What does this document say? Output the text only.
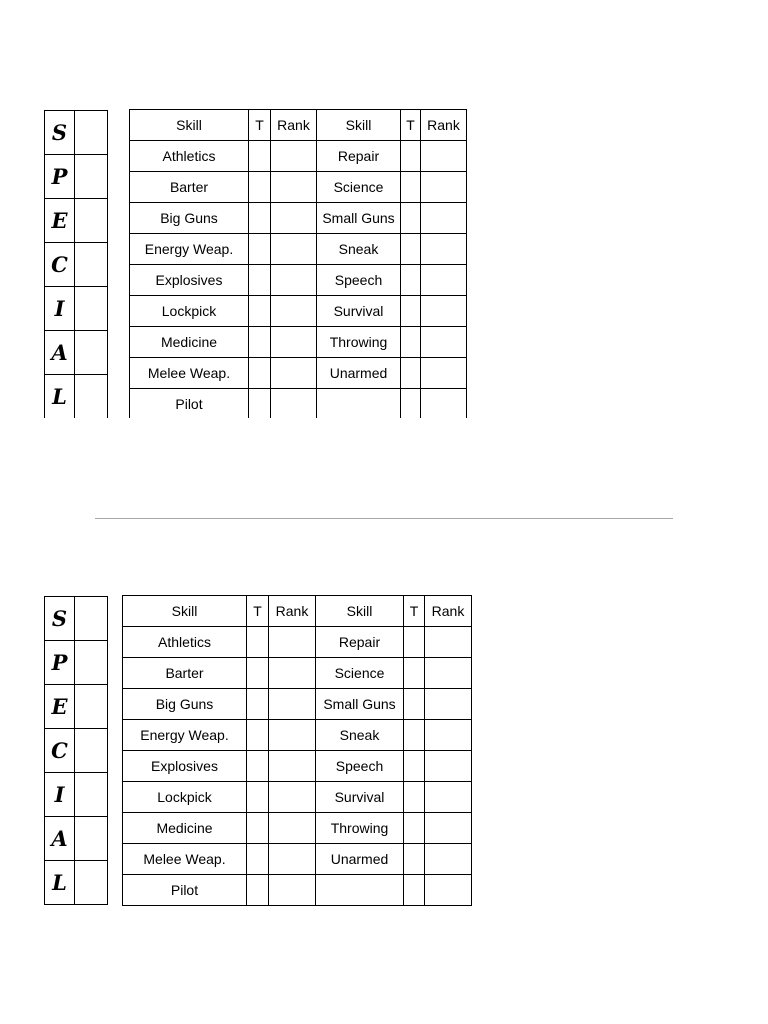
S	
P	
E	
C	
I	
A	
L	
Skill	T	Rank	Skill	T	Rank
Athletics			Repair		
Barter			Science		
Big Guns			Small Guns		
Energy Weap.			Sneak		
Explosives			Speech		
Lockpick			Survival		
Medicine			Throwing		
Melee Weap.			Unarmed		
Pilot					
S	
P	
E	
C	
I	
A	
L	
Skill	T	Rank	Skill	T	Rank
Athletics			Repair		
Barter			Science		
Big Guns			Small Guns		
Energy Weap.			Sneak		
Explosives			Speech		
Lockpick			Survival		
Medicine			Throwing		
Melee Weap.			Unarmed		
Pilot					
